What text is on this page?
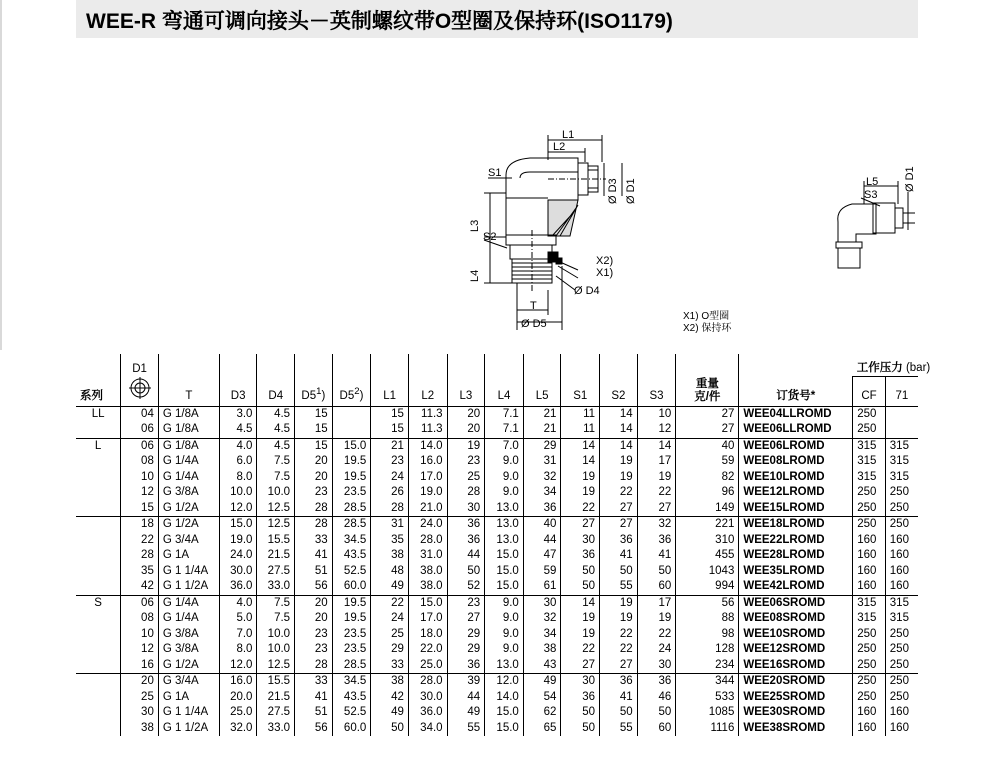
WEE-R 弯通可调向接头－英制螺纹带O型圈及保持环(ISO1179)
L1
L2
S1
S2
L3
L4
Ø D3 Ø D1
X2)
X1)
Ø D4
T
Ø D5
L5
S3
Ø D1
X1) O型圈
X2) 保持环
	D1																工作压力 (bar)	
系列		T	D3	D4	$D5^1$)	$D5^2$)	L1	L2	L3	L4	L5	S1	S2	S3	重量
克/件	订货号*	CF	71
LL	04	G 1/8A	3.0	4.5	15		15	11.3	20	7.1	21	11	14	10	27	WEE04LLROMD	250	
	06	G 1/8A	4.5	4.5	15		15	11.3	20	7.1	21	11	14	12	27	WEE06LLROMD	250	
L	06	G 1/8A	4.0	4.5	15	15.0	21	14.0	19	7.0	29	14	14	14	40	WEE06LROMD	315	315
	08	G 1/4A	6.0	7.5	20	19.5	23	16.0	23	9.0	31	14	19	17	59	WEE08LROMD	315	315
	10	G 1/4A	8.0	7.5	20	19.5	24	17.0	25	9.0	32	19	19	19	82	WEE10LROMD	315	315
	12	G 3/8A	10.0	10.0	23	23.5	26	19.0	28	9.0	34	19	22	22	96	WEE12LROMD	250	250
	15	G 1/2A	12.0	12.5	28	28.5	28	21.0	30	13.0	36	22	27	27	149	WEE15LROMD	250	250
	18	G 1/2A	15.0	12.5	28	28.5	31	24.0	36	13.0	40	27	27	32	221	WEE18LROMD	250	250
	22	G 3/4A	19.0	15.5	33	34.5	35	28.0	36	13.0	44	30	36	36	310	WEE22LROMD	160	160
	28	G 1A	24.0	21.5	41	43.5	38	31.0	44	15.0	47	36	41	41	455	WEE28LROMD	160	160
	35	G 1 1/4A	30.0	27.5	51	52.5	48	38.0	50	15.0	59	50	50	50	1043	WEE35LROMD	160	160
	42	G 1 1/2A	36.0	33.0	56	60.0	49	38.0	52	15.0	61	50	55	60	994	WEE42LROMD	160	160
S	06	G 1/4A	4.0	7.5	20	19.5	22	15.0	23	9.0	30	14	19	17	56	WEE06SROMD	315	315
	08	G 1/4A	5.0	7.5	20	19.5	24	17.0	27	9.0	32	19	19	19	88	WEE08SROMD	315	315
	10	G 3/8A	7.0	10.0	23	23.5	25	18.0	29	9.0	34	19	22	22	98	WEE10SROMD	250	250
	12	G 3/8A	8.0	10.0	23	23.5	29	22.0	29	9.0	38	22	22	24	128	WEE12SROMD	250	250
	16	G 1/2A	12.0	12.5	28	28.5	33	25.0	36	13.0	43	27	27	30	234	WEE16SROMD	250	250
	20	G 3/4A	16.0	15.5	33	34.5	38	28.0	39	12.0	49	30	36	36	344	WEE20SROMD	250	250
	25	G 1A	20.0	21.5	41	43.5	42	30.0	44	14.0	54	36	41	46	533	WEE25SROMD	250	250
	30	G 1 1/4A	25.0	27.5	51	52.5	49	36.0	49	15.0	62	50	50	50	1085	WEE30SROMD	160	160
	38	G 1 1/2A	32.0	33.0	56	60.0	50	34.0	55	15.0	65	50	55	60	1116	WEE38SROMD	160	160
